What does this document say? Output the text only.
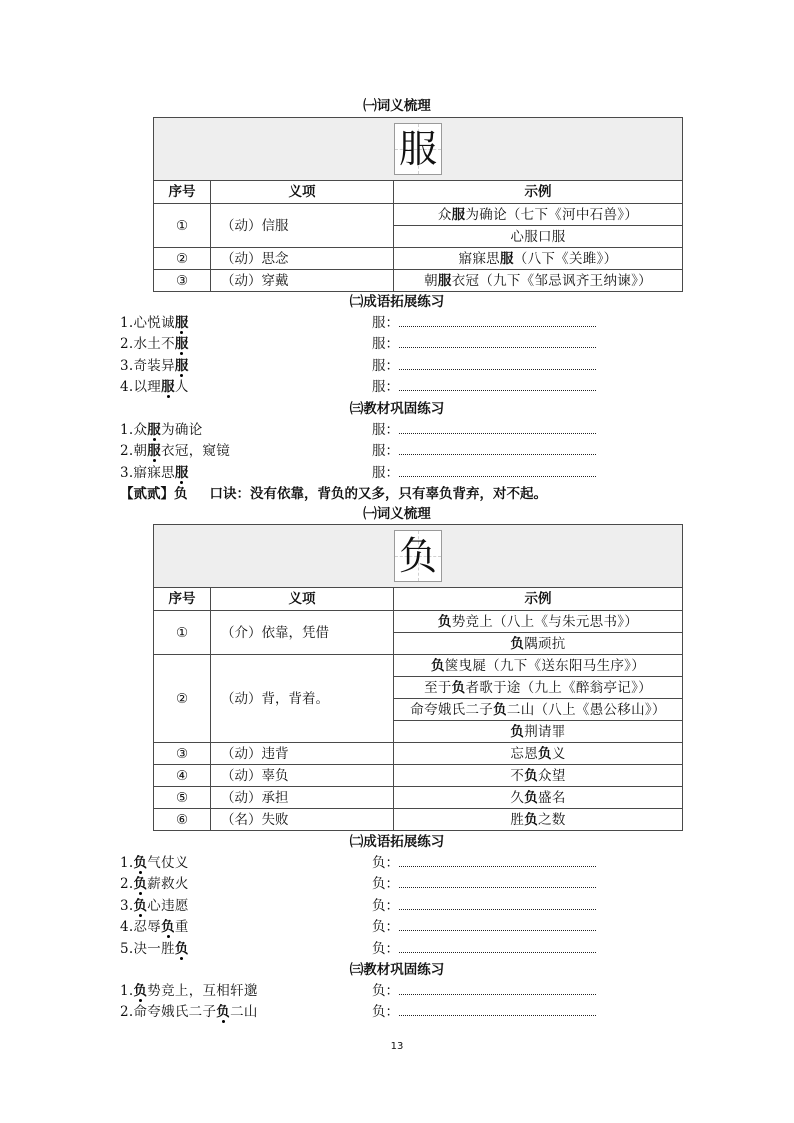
㈠词义梳理
服		

序号	义项	示例
①	（动）信服	众服为确论（七下《河中石兽》）
		心服口服
②	（动）思念	寤寐思服（八下《关雎》）
③	（动）穿戴	朝服衣冠（九下《邹忌讽齐王纳谏》）
㈡成语拓展练习
1.心悦诚服	服：
2.水土不服	服：
3.奇装异服	服：
4.以理服人	服：
㈢教材巩固练习
1.众服为确论	服：
2.朝服衣冠，窥镜	服：
3.寤寐思服	服：
【贰贰】负 口诀：没有依靠，背负的又多，只有辜负背弃，对不起。
㈠词义梳理
负		

序号	义项	示例
①	（介）依靠，凭借	负势竞上（八上《与朱元思书》）
		负隅顽抗
②	（动）背，背着。	负箧曳屣（九下《送东阳马生序》）
		至于负者歌于途（九上《醉翁亭记》）
		命夸娥氏二子负二山（八上《愚公移山》）
		负荆请罪
③	（动）违背	忘恩负义
④	（动）辜负	不负众望
⑤	（动）承担	久负盛名
⑥	（名）失败	胜负之数
㈡成语拓展练习
1.负气仗义	负：
2.负薪救火	负：
3.负心违愿	负：
4.忍辱负重	负：
5.决一胜负	负：
㈢教材巩固练习
1.负势竞上，互相轩邈	负：
2.命夸娥氏二子负二山	负：
13
